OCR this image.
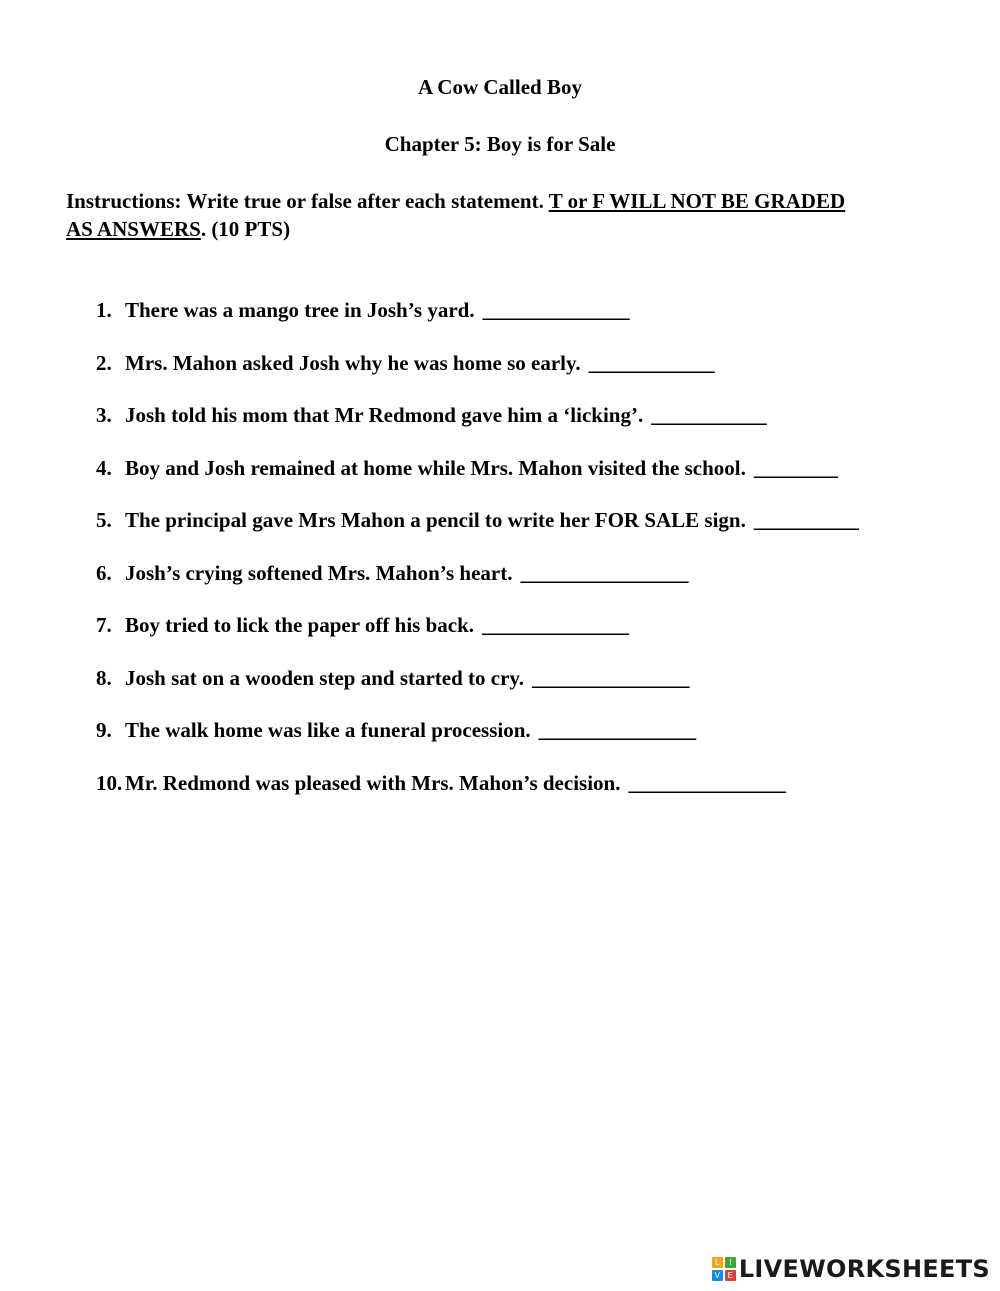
A Cow Called Boy
Chapter 5: Boy is for Sale
Instructions: Write true or false after each statement. T or F WILL NOT BE GRADED
AS ANSWERS. (10 PTS)
1. There was a mango tree in Josh’s yard. ______________
2. Mrs. Mahon asked Josh why he was home so early. ____________
3. Josh told his mom that Mr Redmond gave him a ‘licking’. ___________
4. Boy and Josh remained at home while Mrs. Mahon visited the school. ________
5. The principal gave Mrs Mahon a pencil to write her FOR SALE sign. __________
6. Josh’s crying softened Mrs. Mahon’s heart. ________________
7. Boy tried to lick the paper off his back. ______________
8. Josh sat on a wooden step and started to cry. _______________
9. The walk home was like a funeral procession. _______________
10. Mr. Redmond was pleased with Mrs. Mahon’s decision. _______________
L	I
V E LIVEWORKSHEETS
